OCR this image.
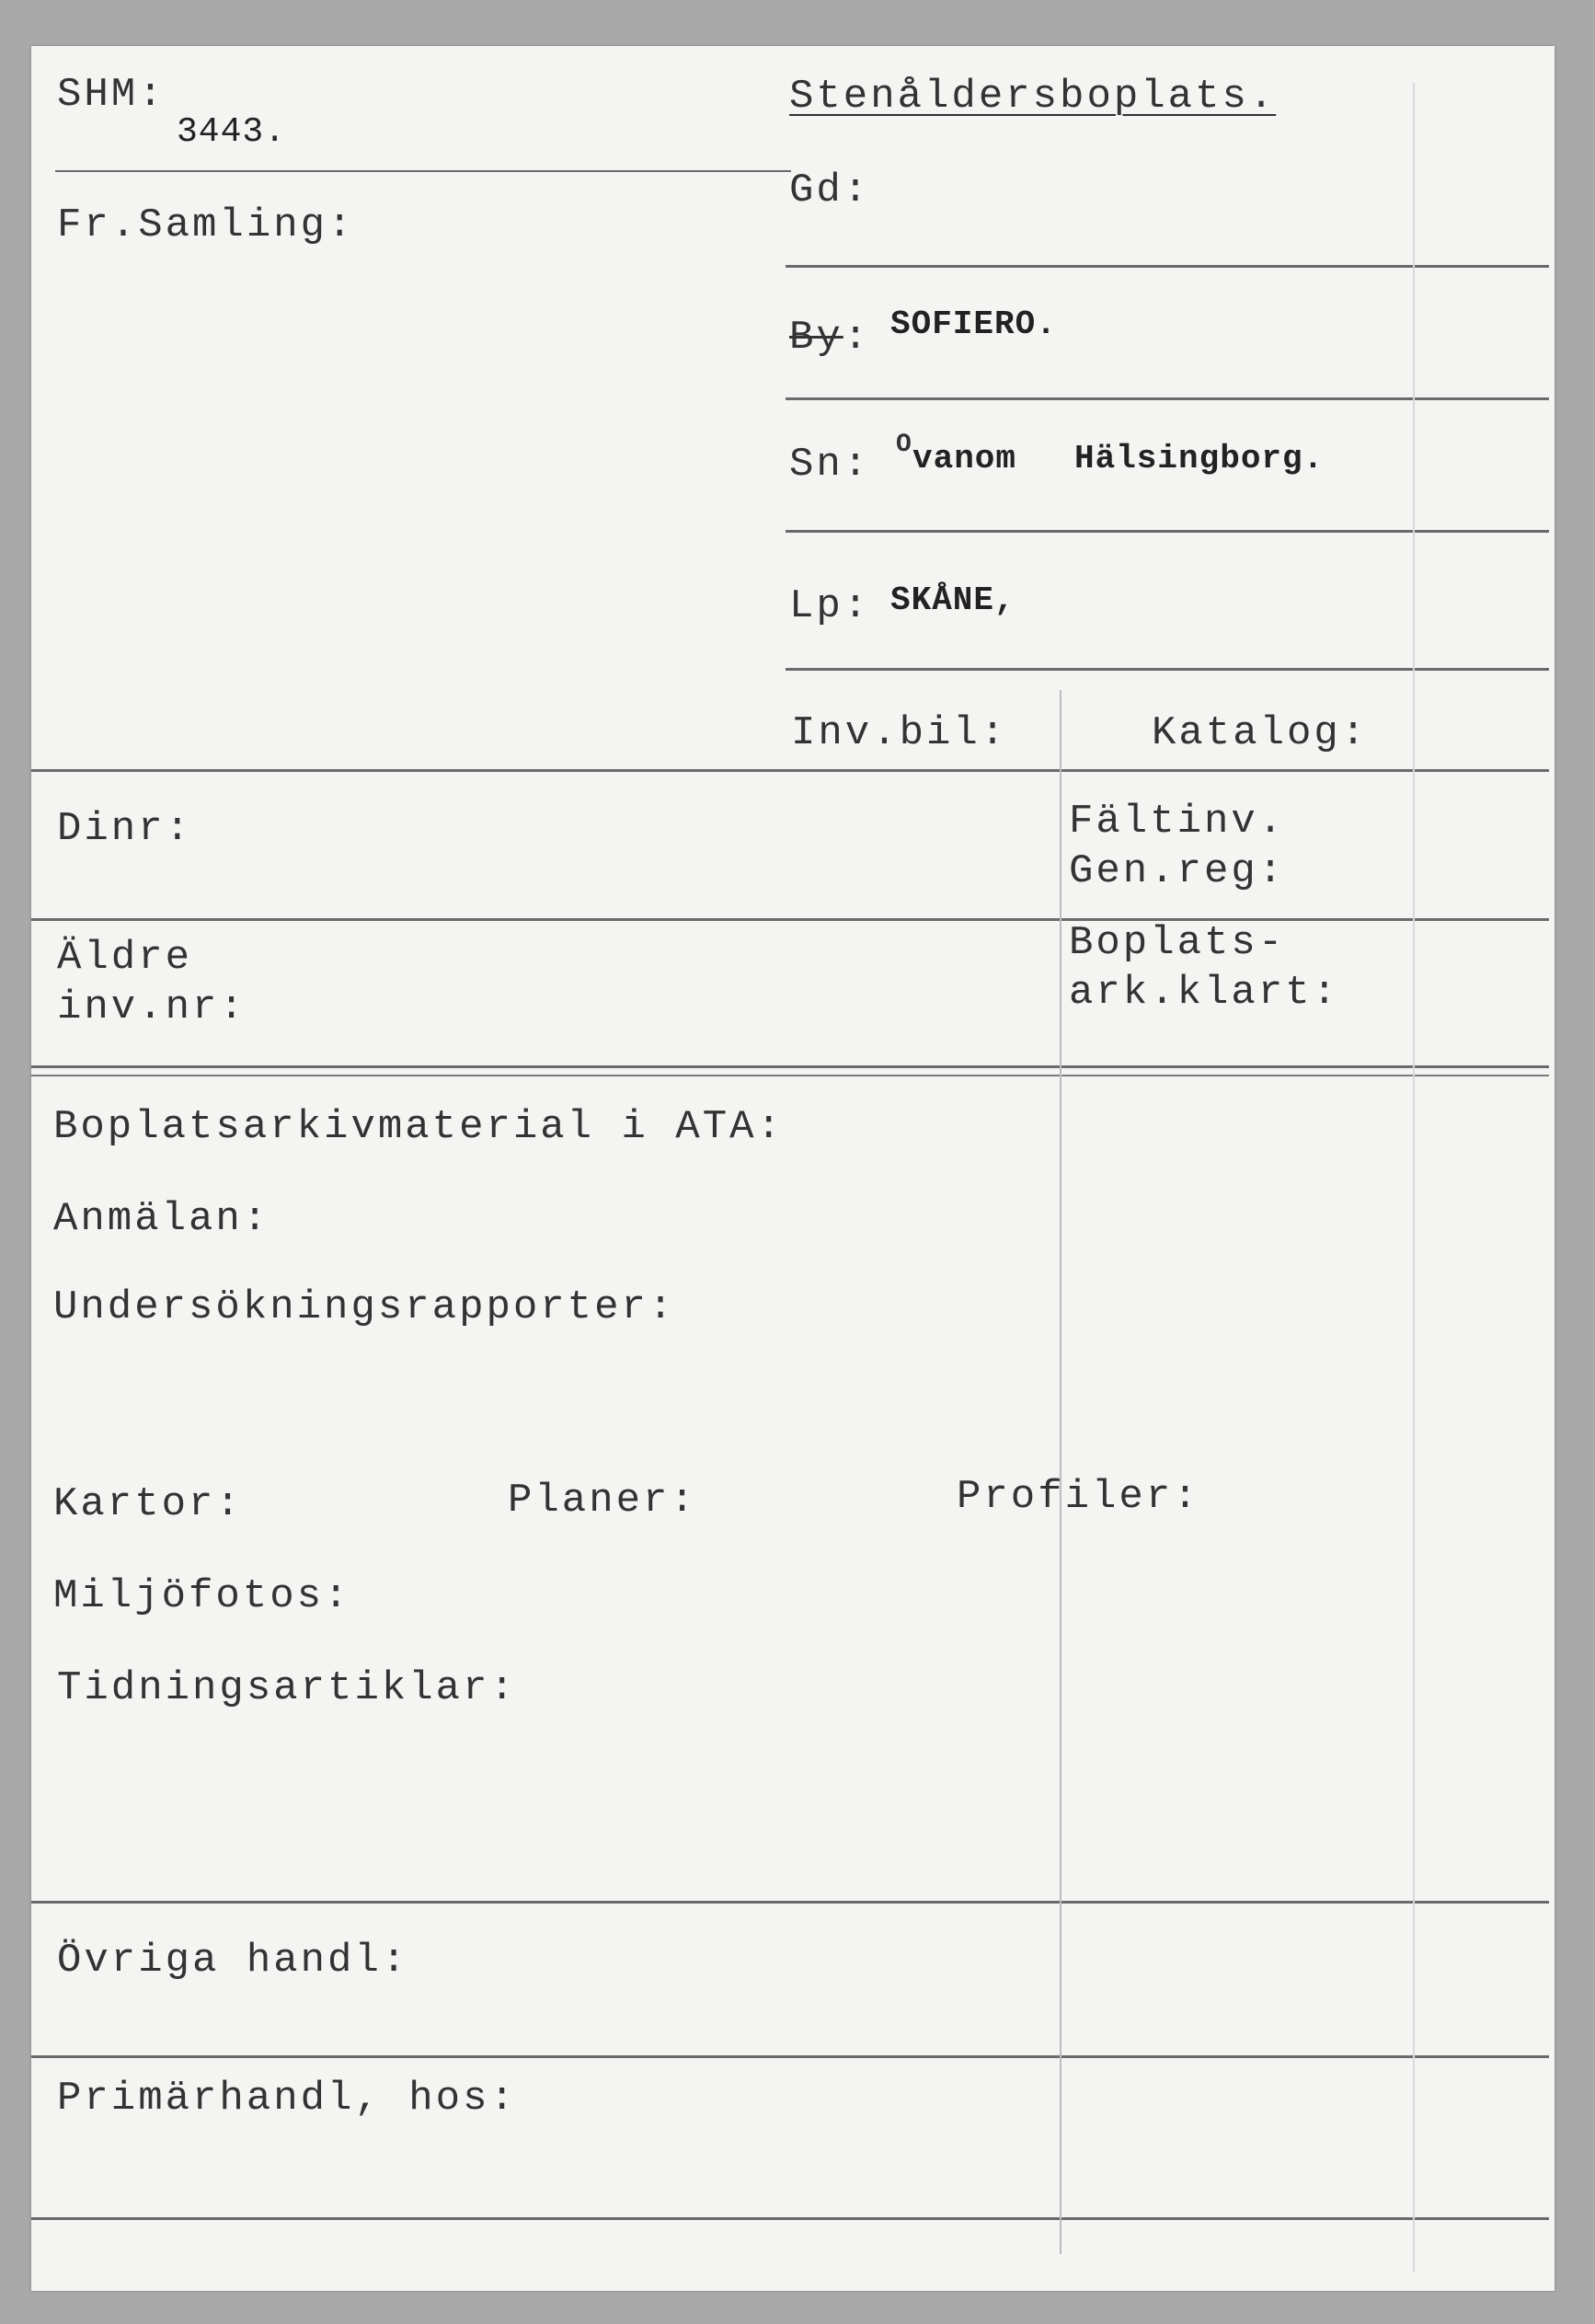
SHM:
3443.
Fr.Samling:
Stenåldersboplats.
Gd:
By: SOFIERO.
Sn: O vanom Hälsingborg.
Lp: SKÅNE,
Inv.bil:	Katalog:
Dinr:	Fältinv.
Gen.reg:
Äldre
inv.nr:
Boplats-
ark.klart:
Boplatsarkivmaterial i ATA:
Anmälan:
Undersökningsrapporter:
Kartor:	Planer:	Profiler:
Miljöfotos:
Tidningsartiklar:
Övriga handl:
Primärhandl, hos:
